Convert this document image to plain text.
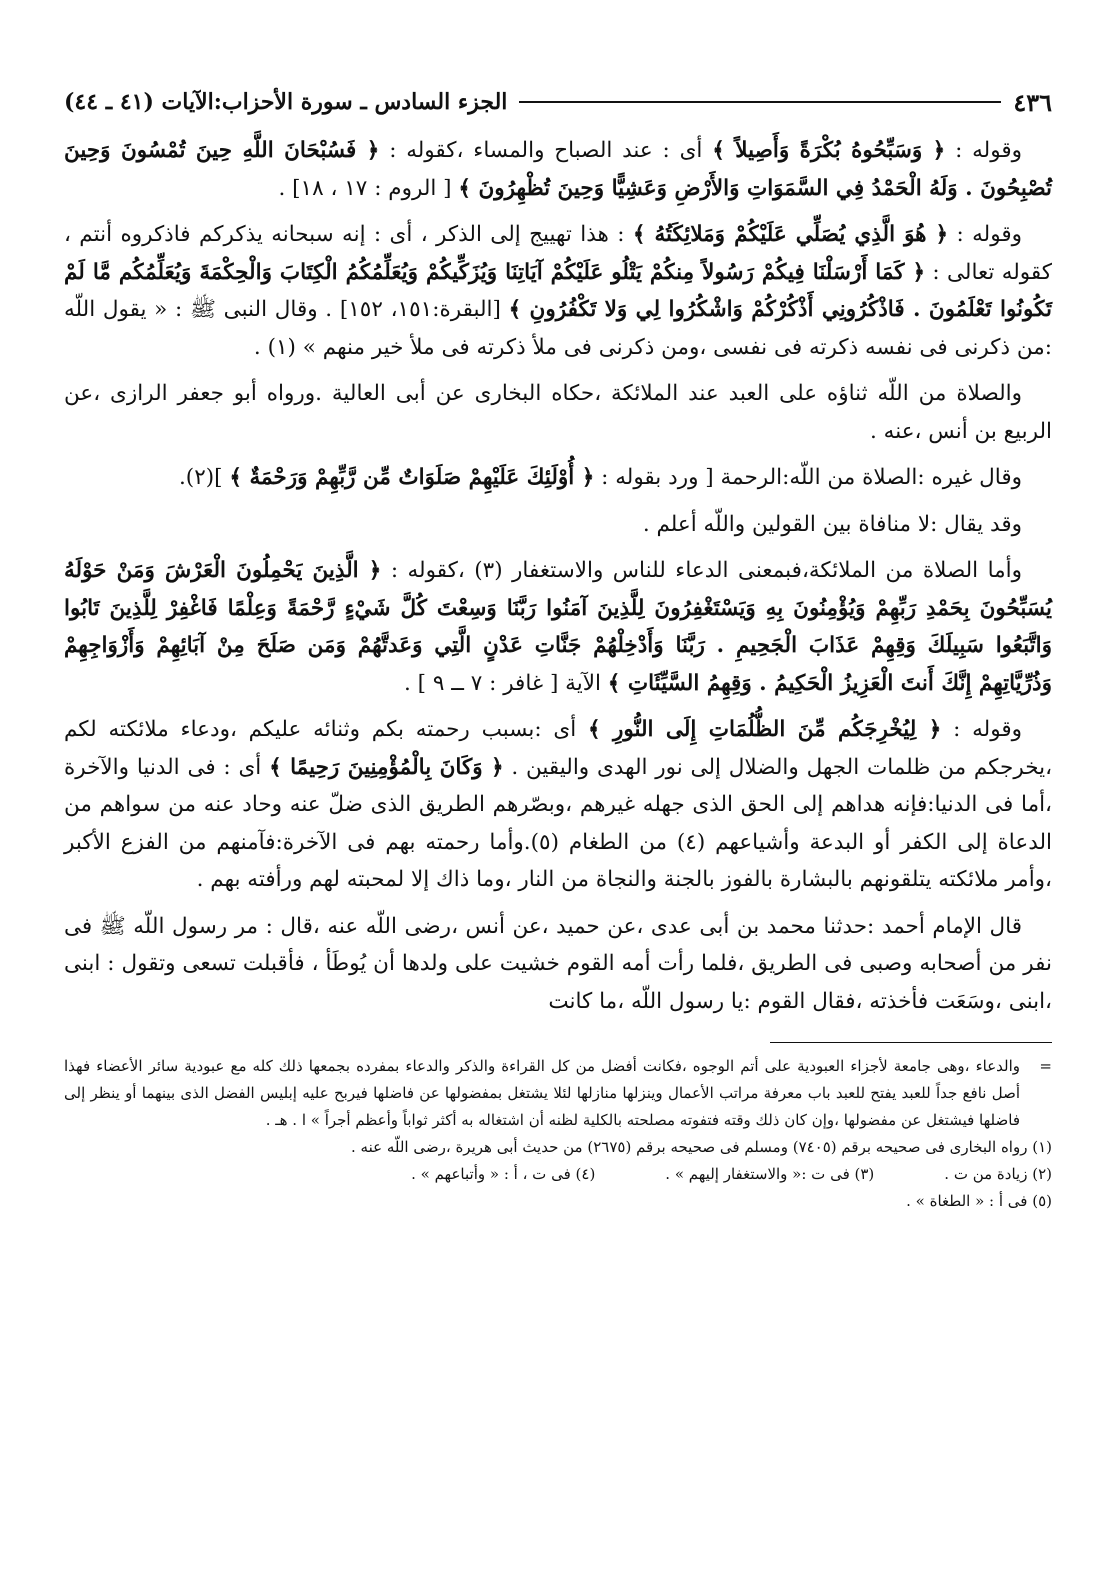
٤٣٦
الجزء السادس ـ سورة الأحزاب:الآيات (٤١ ـ ٤٤)

وقوله : ﴿ وَسَبِّحُوهُ بُكْرَةً وَأَصِيلاً ﴾ أى : عند الصباح والمساء ،كقوله : ﴿ فَسُبْحَانَ اللَّهِ حِينَ تُمْسُونَ وَحِينَ تُصْبِحُونَ . وَلَهُ الْحَمْدُ فِي السَّمَوَاتِ وَالأَرْضِ وَعَشِيًّا وَحِينَ تُظْهِرُونَ ﴾ [ الروم : ١٧ ، ١٨] .

وقوله : ﴿ هُوَ الَّذِي يُصَلِّي عَلَيْكُمْ وَمَلائِكَتُهُ ﴾ : هذا تهييج إلى الذكر ، أى : إنه سبحانه يذكركم فاذكروه أنتم ، كقوله تعالى : ﴿ كَمَا أَرْسَلْنَا فِيكُمْ رَسُولاً مِنكُمْ يَتْلُو عَلَيْكُمْ آيَاتِنَا وَيُزَكِّيكُمْ وَيُعَلِّمُكُمُ الْكِتَابَ وَالْحِكْمَةَ وَيُعَلِّمُكُم مَّا لَمْ تَكُونُوا تَعْلَمُونَ . فَاذْكُرُونِي أَذْكُرْكُمْ وَاشْكُرُوا لِي وَلا تَكْفُرُونِ ﴾ [البقرة:١٥١، ١٥٢] . وقال النبى ﷺ : « يقول اللّه :من ذكرنى فى نفسه ذكرته فى نفسى ،ومن ذكرنى فى ملأ ذكرته فى ملأ خير منهم » (١) .

والصلاة من اللّه ثناؤه على العبد عند الملائكة ،حكاه البخارى عن أبى العالية .ورواه أبو جعفر الرازى ،عن الربيع بن أنس ،عنه .

وقال غيره :الصلاة من اللّه:الرحمة [ ورد بقوله : ﴿ أُوْلَئِكَ عَلَيْهِمْ صَلَوَاتٌ مِّن رَّبِّهِمْ وَرَحْمَةٌ ﴾ ](٢).

وقد يقال :لا منافاة بين القولين واللّه أعلم .

وأما الصلاة من الملائكة،فبمعنى الدعاء للناس والاستغفار (٣) ،كقوله : ﴿ الَّذِينَ يَحْمِلُونَ الْعَرْشَ وَمَنْ حَوْلَهُ يُسَبِّحُونَ بِحَمْدِ رَبِّهِمْ وَيُؤْمِنُونَ بِهِ وَيَسْتَغْفِرُونَ لِلَّذِينَ آمَنُوا رَبَّنَا وَسِعْتَ كُلَّ شَيْءٍ رَّحْمَةً وَعِلْمًا فَاغْفِرْ لِلَّذِينَ تَابُوا وَاتَّبَعُوا سَبِيلَكَ وَقِهِمْ عَذَابَ الْجَحِيمِ . رَبَّنَا وَأَدْخِلْهُمْ جَنَّاتِ عَدْنٍ الَّتِي وَعَدتَّهُمْ وَمَن صَلَحَ مِنْ آبَائِهِمْ وَأَزْوَاجِهِمْ وَذُرِّيَّاتِهِمْ إِنَّكَ أَنتَ الْعَزِيزُ الْحَكِيمُ . وَقِهِمُ السَّيِّئَاتِ ﴾ الآية [ غافر : ٧ ــ ٩ ] .

وقوله : ﴿ لِيُخْرِجَكُم مِّنَ الظُّلُمَاتِ إِلَى النُّورِ ﴾ أى :بسبب رحمته بكم وثنائه عليكم ،ودعاء ملائكته لكم ،يخرجكم من ظلمات الجهل والضلال إلى نور الهدى واليقين . ﴿ وَكَانَ بِالْمُؤْمِنِينَ رَحِيمًا ﴾ أى : فى الدنيا والآخرة ،أما فى الدنيا:فإنه هداهم إلى الحق الذى جهله غيرهم ،وبصّرهم الطريق الذى ضلّ عنه وحاد عنه من سواهم من الدعاة إلى الكفر أو البدعة وأشياعهم (٤) من الطغام (٥).وأما رحمته بهم فى الآخرة:فآمنهم من الفزع الأكبر ،وأمر ملائكته يتلقونهم بالبشارة بالفوز بالجنة والنجاة من النار ،وما ذاك إلا لمحبته لهم ورأفته بهم .

قال الإمام أحمد :حدثنا محمد بن أبى عدى ،عن حميد ،عن أنس ،رضى اللّه عنه ،قال : مر رسول اللّه ﷺ فى نفر من أصحابه وصبى فى الطريق ،فلما رأت أمه القوم خشيت على ولدها أن يُوطَأ ، فأقبلت تسعى وتقول : ابنى ،ابنى ،وسَعَت فأخذته ،فقال القوم :يا رسول اللّه ،ما كانت

=
والدعاء ،وهى جامعة لأجزاء العبودية على أتم الوجوه ،فكانت أفضل من كل القراءة والذكر والدعاء بمفرده بجمعها ذلك كله مع عبودية سائر الأعضاء فهذا أصل نافع جداً للعبد يفتح للعبد باب معرفة مراتب الأعمال وينزلها منازلها لئلا يشتغل بمفضولها عن فاضلها فيربح عليه إبليس الفضل الذى بينهما أو ينظر إلى فاضلها فيشتغل عن مفضولها ،وإن كان ذلك وقته فتفوته مصلحته بالكلية لظنه أن اشتغاله به أكثر ثواباً وأعظم أجراً » ا . هـ .

(١) رواه البخارى فى صحيحه برقم (٧٤٠٥) ومسلم فى صحيحه برقم (٢٦٧٥) من حديث أبى هريرة ،رضى اللّه عنه .

(٢) زيادة من ت .
(٣) فى ت :« والاستغفار إليهم » .
(٤) فى ت ، أ : « وأتباعهم » .

(٥) فى أ : « الطغاة » .
